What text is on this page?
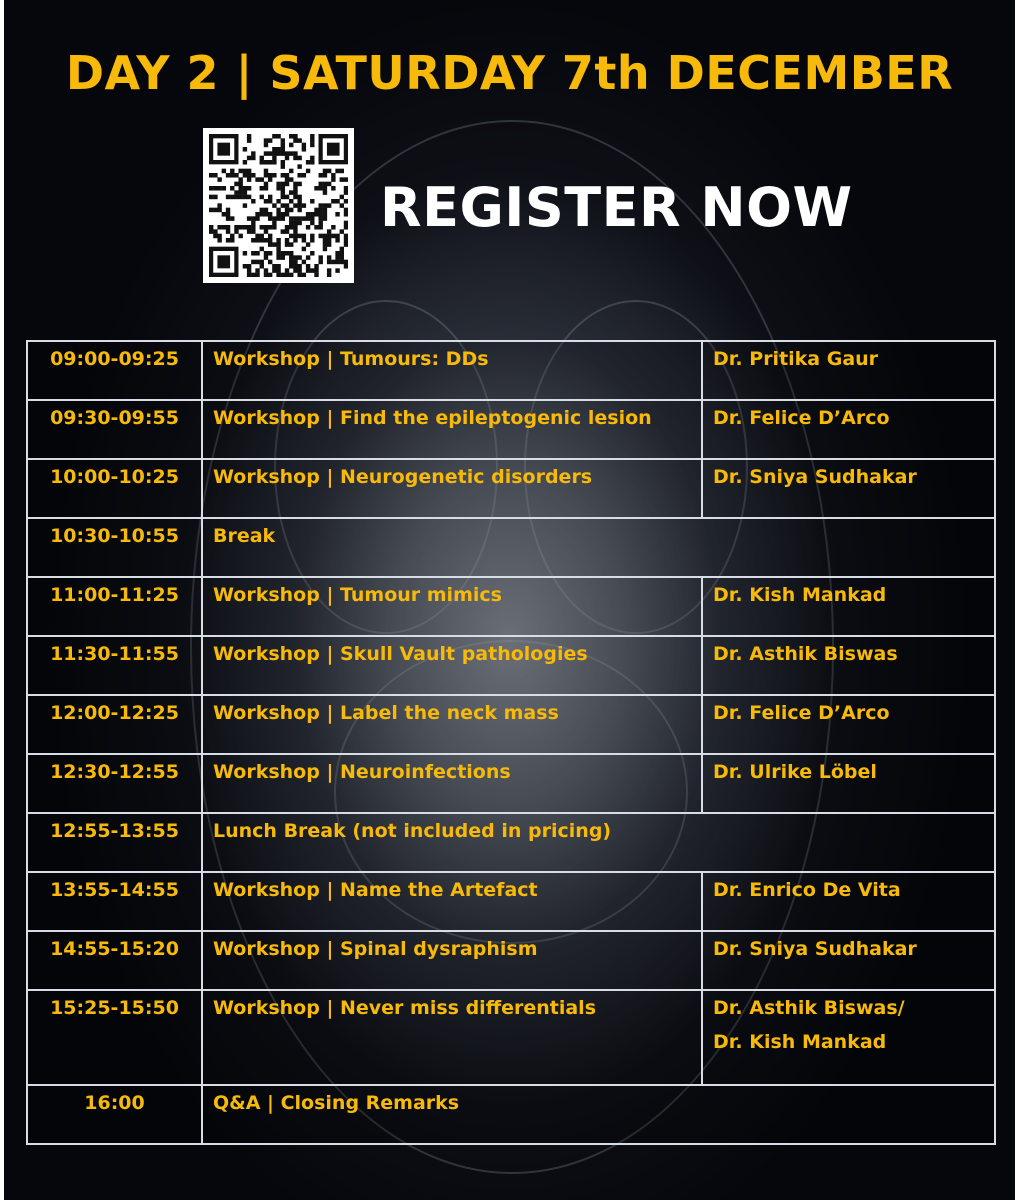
DAY 2 | SATURDAY 7th DECEMBER
REGISTER NOW
09:00-09:25	Workshop | Tumours: DDs	Dr. Pritika Gaur

09:30-09:55	Workshop | Find the epileptogenic lesion	Dr. Felice D’Arco

10:00-10:25	Workshop | Neurogenetic disorders	Dr. Sniya Sudhakar

10:30-10:55	Break	
11:00-11:25	Workshop | Tumour mimics	Dr. Kish Mankad

11:30-11:55	Workshop | Skull Vault pathologies	Dr. Asthik Biswas

12:00-12:25	Workshop | Label the neck mass	Dr. Felice D’Arco

12:30-12:55	Workshop | Neuroinfections	Dr. Ulrike Löbel

12:55-13:55	Lunch Break (not included in pricing)	
13:55-14:55	Workshop | Name the Artefact	Dr. Enrico De Vita

14:55-15:20	Workshop | Spinal dysraphism	Dr. Sniya Sudhakar

15:25-15:50	Workshop | Never miss differentials	Dr. Asthik Biswas/
Dr. Kish Mankad

16:00	Q&A | Closing Remarks	
